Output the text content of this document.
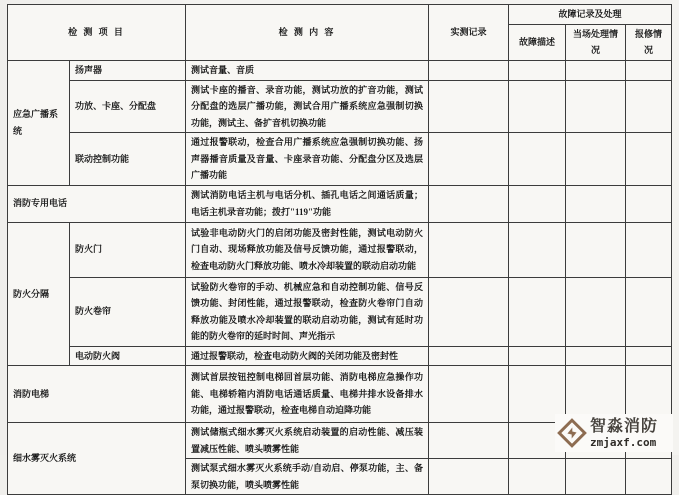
检 测 项 目		检 测 内 容	实测记录	故障记录及处理		
				故障描述	当场处理情况	报修情况
应急广播系统	扬声器	测试音量、音质				
	功放、卡座、分配盘	测试卡座的播音、录音功能，测试功放的扩音功能，测试分配盘的选层广播功能，测试合用广播系统应急强制切换功能，测试主、备扩音机切换功能				
	联动控制功能	通过报警联动，检查合用广播系统应急强制切换功能、扬声器播音质量及音量、卡座录音功能、分配盘分区及选层广播功能				
消防专用电话		测试消防电话主机与电话分机、插孔电话之间通话质量；电话主机录音功能；拨打"119"功能				
防火分隔	防火门	试验非电动防火门的启闭功能及密封性能，测试电动防火门自动、现场释放功能及信号反馈功能，通过报警联动，检查电动防火门释放功能、喷水冷却装置的联动启动功能				
	防火卷帘	试验防火卷帘的手动、机械应急和自动控制功能、信号反馈功能、封闭性能，通过报警联动，检查防火卷帘门自动释放功能及喷水冷却装置的联动启动功能，测试有延时功能的防火卷帘的延时时间、声光指示				
	电动防火阀	通过报警联动，检查电动防火阀的关闭功能及密封性				
消防电梯		测试首层按钮控制电梯回首层功能、消防电梯应急操作功能、电梯轿箱内消防电话通话质量、电梯井排水设备排水功能，通过报警联动，检查电梯自动迫降功能				
细水雾灭火系统		测试储瓶式细水雾灭火系统启动装置的启动性能、减压装置减压性能、喷头喷雾性能				
		测试泵式细水雾灭火系统手动/自动启、停泵功能，主、备泵切换功能，喷头喷雾性能				
智淼消防
zmjaxf.com
